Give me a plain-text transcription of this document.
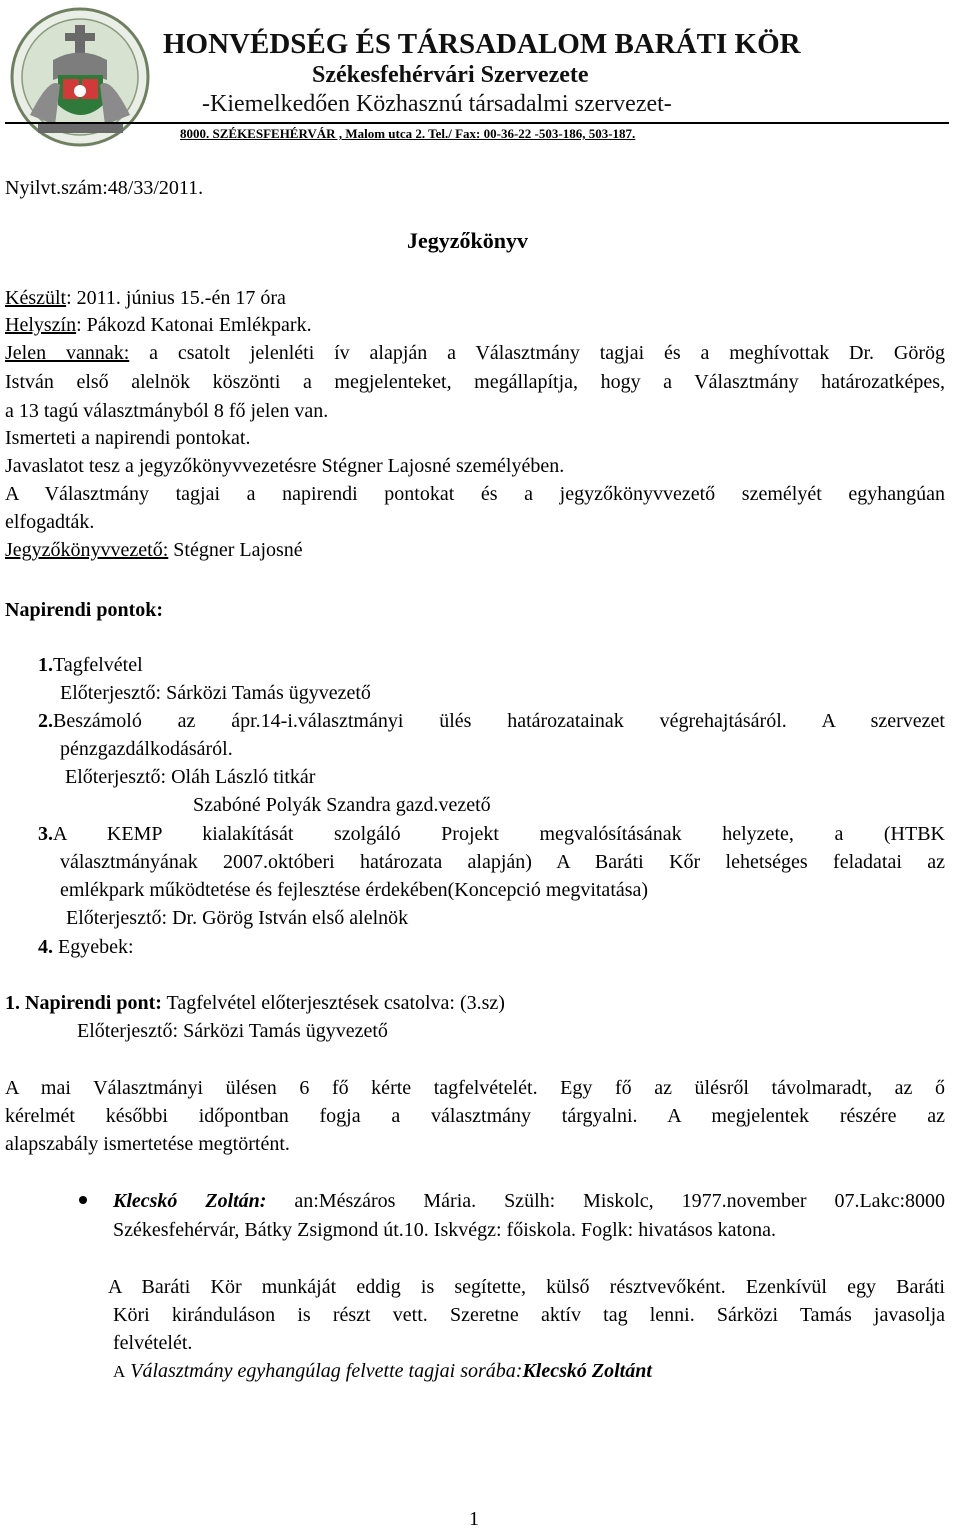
HONVÉDSÉG ÉS TÁRSADALOM BARÁTI KÖR
Székesfehérvári Szervezete
-Kiemelkedően Közhasznú társadalmi szervezet-
8000. SZÉKESFEHÉRVÁR , Malom utca 2. Tel./ Fax: 00-36-22 -503-186, 503-187.
Nyilvt.szám:48/33/2011.
Jegyzőkönyv
Készült: 2011. június 15.-én 17 óra
Helyszín: Pákozd Katonai Emlékpark.
Jelen vannak: a csatolt jelenléti ív alapján a Választmány tagjai és a meghívottak Dr. Görög
István első alelnök köszönti a megjelenteket, megállapítja, hogy a Választmány határozatképes,
a 13 tagú választmányból 8 fő jelen van.
Ismerteti a napirendi pontokat.
Javaslatot tesz a jegyzőkönyvvezetésre Stégner Lajosné személyében.
A Választmány tagjai a napirendi pontokat és a jegyzőkönyvvezető személyét egyhangúan
elfogadták.
Jegyzőkönyvvezető: Stégner Lajosné
Napirendi pontok:
1.Tagfelvétel
Előterjesztő: Sárközi Tamás ügyvezető
2.Beszámoló az ápr.14-i.választmányi ülés határozatainak végrehajtásáról. A szervezet
pénzgazdálkodásáról.
Előterjesztő: Oláh László titkár
Szabóné Polyák Szandra gazd.vezető
3.A KEMP kialakítását szolgáló Projekt megvalósításának helyzete, a (HTBK
választmányának 2007.októberi határozata alapján) A Baráti Kőr lehetséges feladatai az
emlékpark működtetése és fejlesztése érdekében(Koncepció megvitatása)
Előterjesztő: Dr. Görög István első alelnök
4. Egyebek:
1. Napirendi pont: Tagfelvétel előterjesztések csatolva: (3.sz)
Előterjesztő: Sárközi Tamás ügyvezető
A mai Választmányi ülésen 6 fő kérte tagfelvételét. Egy fő az ülésről távolmaradt, az ő
kérelmét későbbi időpontban fogja a választmány tárgyalni. A megjelentek részére az
alapszabály ismertetése megtörtént.
Klecskó Zoltán: an:Mészáros Mária. Szülh: Miskolc, 1977.november 07.Lakc:8000
Székesfehérvár, Bátky Zsigmond út.10. Iskvégz: főiskola. Foglk: hivatásos katona.
A Baráti Kör munkáját eddig is segítette, külső résztvevőként. Ezenkívül egy Baráti
Köri kiránduláson is részt vett. Szeretne aktív tag lenni. Sárközi Tamás javasolja
felvételét.
A Választmány egyhangúlag felvette tagjai sorába:Klecskó Zoltánt
1
